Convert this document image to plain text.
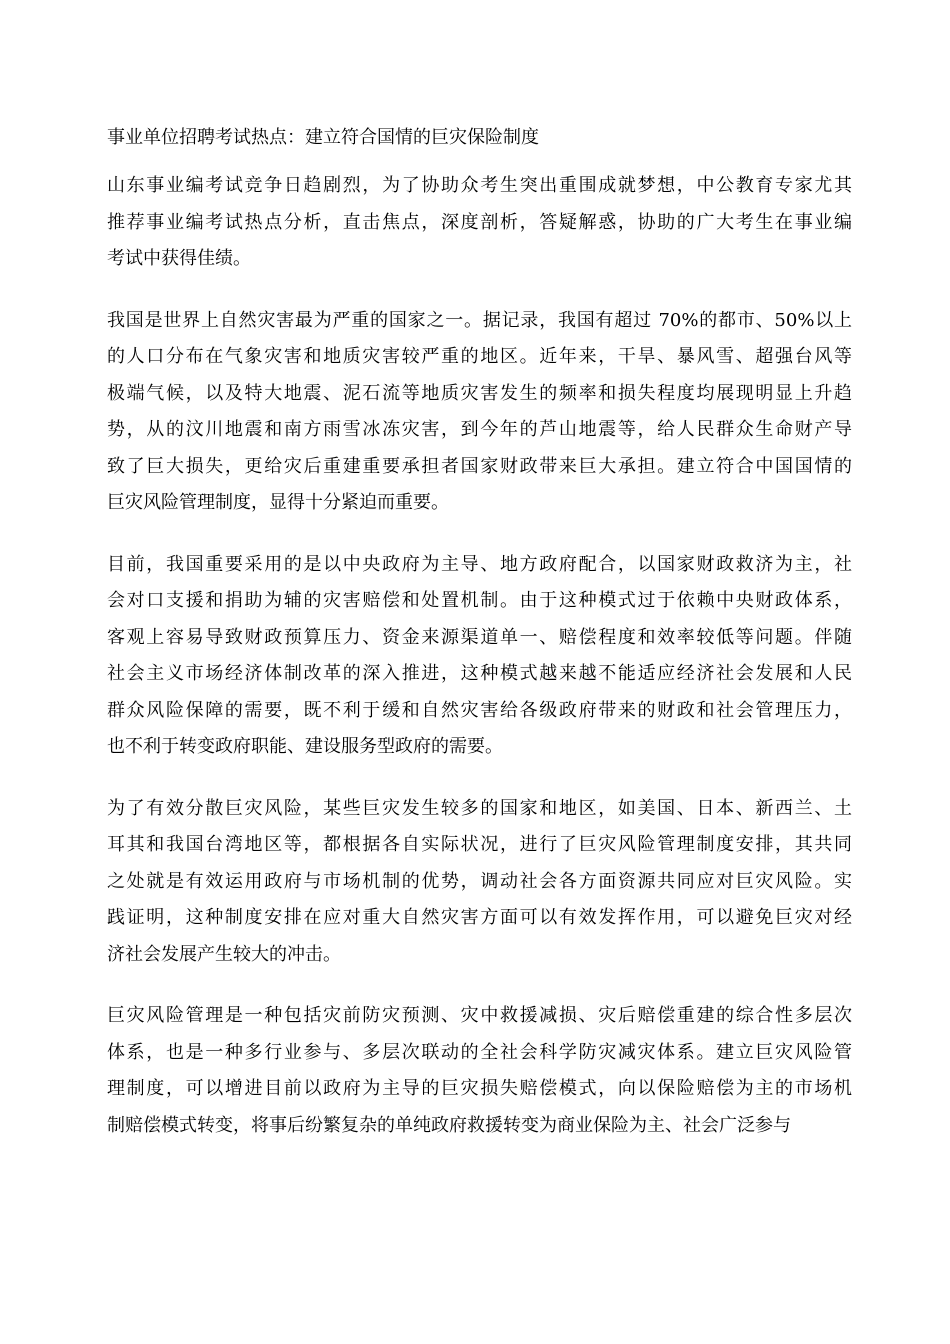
事业单位招聘考试热点：建立符合国情的巨灾保险制度
山东事业编考试竞争日趋剧烈，为了协助众考生突出重围成就梦想，中公教育专家尤其
推荐事业编考试热点分析，直击焦点，深度剖析，答疑解惑，协助的广大考生在事业编
考试中获得佳绩。
我国是世界上自然灾害最为严重的国家之一。据记录，我国有超过 70%的都市、50%以上
的人口分布在气象灾害和地质灾害较严重的地区。近年来，干旱、暴风雪、超强台风等
极端气候，以及特大地震、泥石流等地质灾害发生的频率和损失程度均展现明显上升趋
势，从的汶川地震和南方雨雪冰冻灾害，到今年的芦山地震等，给人民群众生命财产导
致了巨大损失，更给灾后重建重要承担者国家财政带来巨大承担。建立符合中国国情的
巨灾风险管理制度，显得十分紧迫而重要。
目前，我国重要采用的是以中央政府为主导、地方政府配合，以国家财政救济为主，社
会对口支援和捐助为辅的灾害赔偿和处置机制。由于这种模式过于依赖中央财政体系，
客观上容易导致财政预算压力、资金来源渠道单一、赔偿程度和效率较低等问题。伴随
社会主义市场经济体制改革的深入推进，这种模式越来越不能适应经济社会发展和人民
群众风险保障的需要，既不利于缓和自然灾害给各级政府带来的财政和社会管理压力，
也不利于转变政府职能、建设服务型政府的需要。
为了有效分散巨灾风险，某些巨灾发生较多的国家和地区，如美国、日本、新西兰、土
耳其和我国台湾地区等，都根据各自实际状况，进行了巨灾风险管理制度安排，其共同
之处就是有效运用政府与市场机制的优势，调动社会各方面资源共同应对巨灾风险。实
践证明，这种制度安排在应对重大自然灾害方面可以有效发挥作用，可以避免巨灾对经
济社会发展产生较大的冲击。
巨灾风险管理是一种包括灾前防灾预测、灾中救援减损、灾后赔偿重建的综合性多层次
体系，也是一种多行业参与、多层次联动的全社会科学防灾减灾体系。建立巨灾风险管
理制度，可以增进目前以政府为主导的巨灾损失赔偿模式，向以保险赔偿为主的市场机
制赔偿模式转变，将事后纷繁复杂的单纯政府救援转变为商业保险为主、社会广泛参与
